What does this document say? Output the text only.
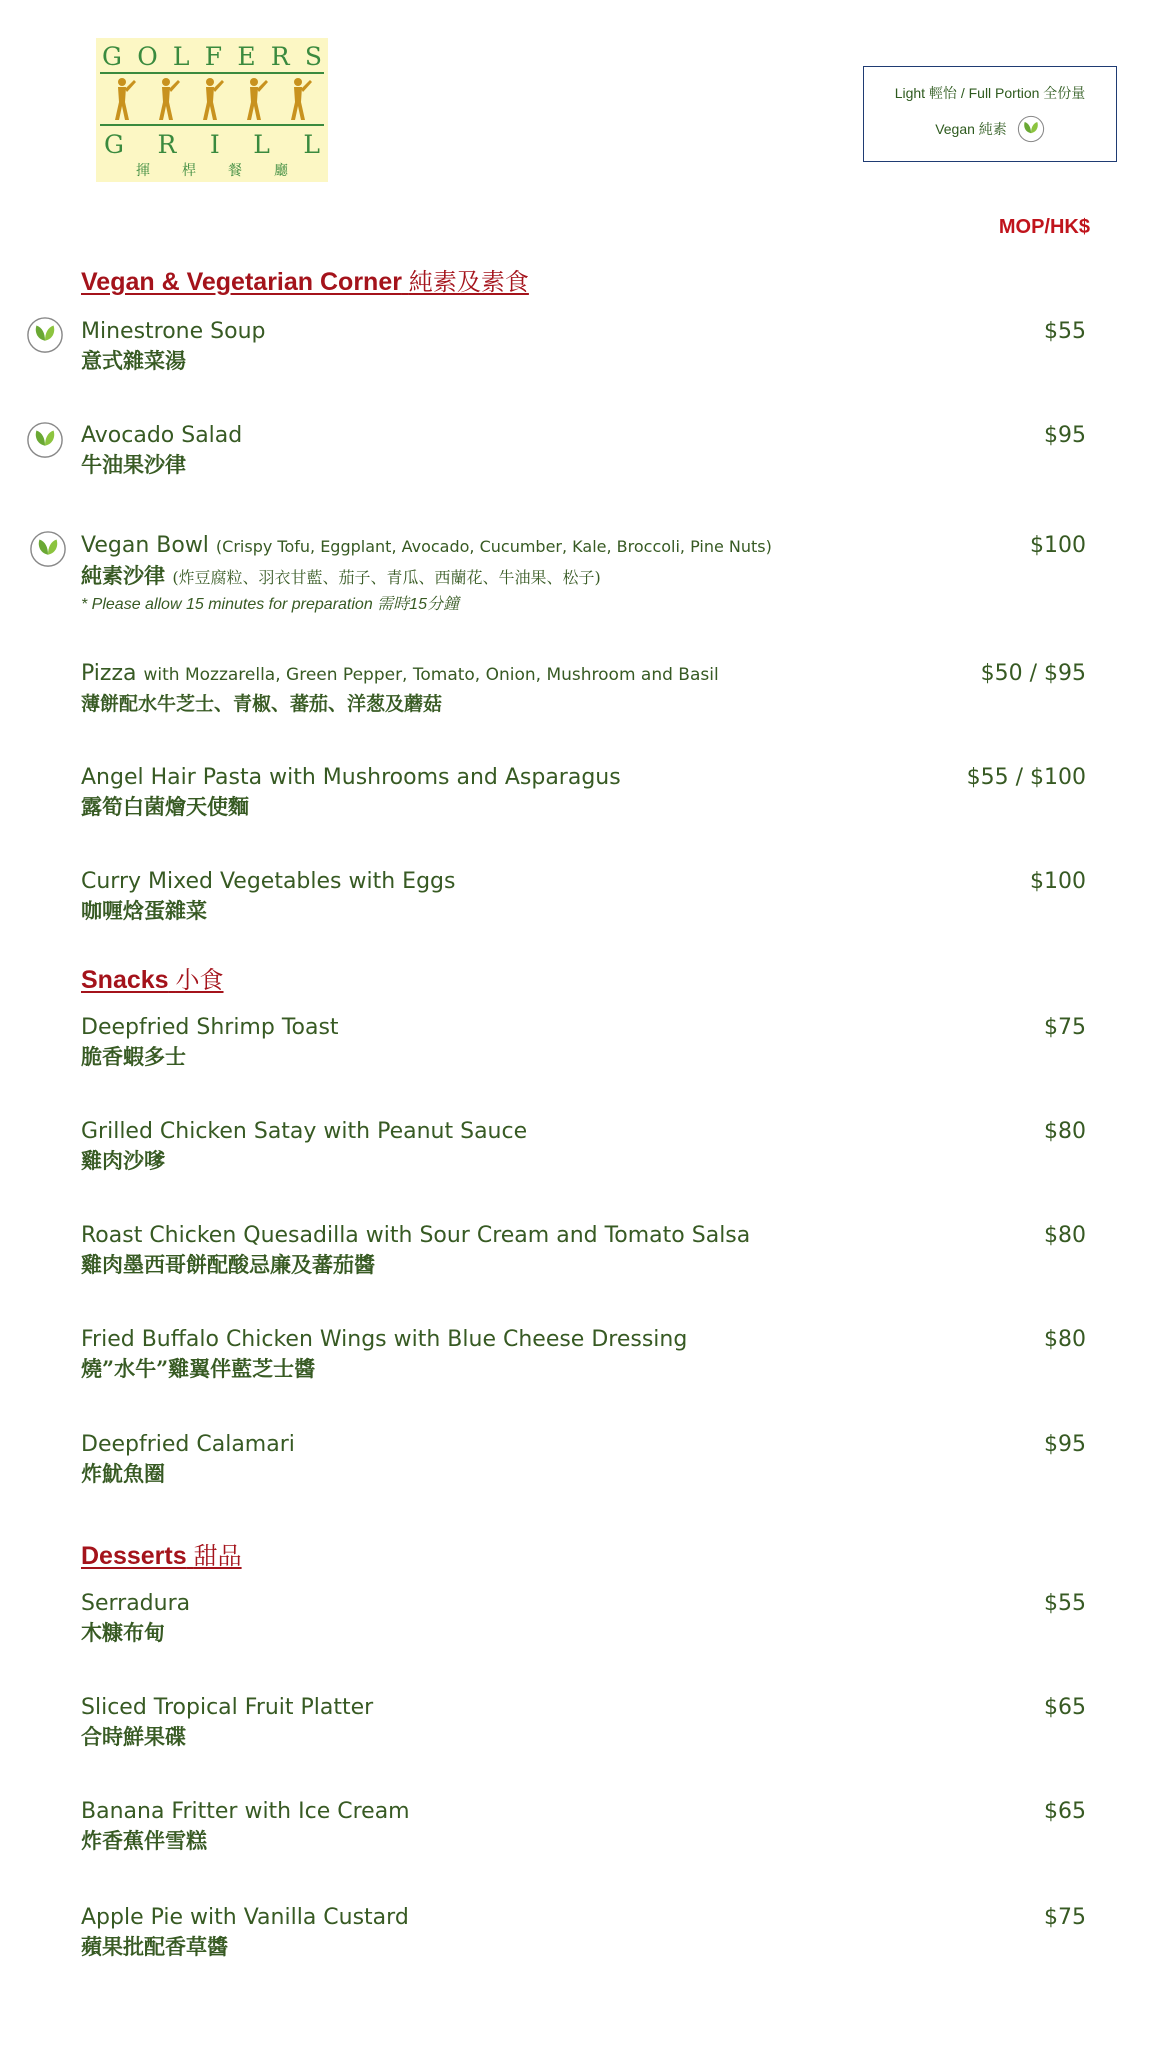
G O L F E R S
G R I L L
揮 桿 餐 廳
Light 輕怡 / Full Portion 全份量
Vegan 純素
MOP/HK$
Vegan & Vegetarian Corner 純素及素食
Minestrone Soup
意式雜菜湯
$55
Avocado Salad
牛油果沙律
$95
Vegan Bowl (Crispy Tofu, Eggplant, Avocado, Cucumber, Kale, Broccoli, Pine Nuts)
純素沙律 (炸豆腐粒、羽衣甘藍、茄子、青瓜、西蘭花、牛油果、松子)
* Please allow 15 minutes for preparation 需時15分鐘
$100
Pizza with Mozzarella, Green Pepper, Tomato, Onion, Mushroom and Basil
薄餅配水牛芝士、青椒、蕃茄、洋葱及蘑菇
$50 / $95
Angel Hair Pasta with Mushrooms and Asparagus
露筍白菌燴天使麵
$55 / $100
Curry Mixed Vegetables with Eggs
咖喱焓蛋雜菜
$100
Snacks 小食
Deepfried Shrimp Toast
脆香蝦多士
$75
Grilled Chicken Satay with Peanut Sauce
雞肉沙嗲
$80
Roast Chicken Quesadilla with Sour Cream and Tomato Salsa
雞肉墨西哥餅配酸忌廉及蕃茄醬
$80
Fried Buffalo Chicken Wings with Blue Cheese Dressing
燒”水牛”雞翼伴藍芝士醬
$80
Deepfried Calamari
炸魷魚圈
$95
Desserts 甜品
Serradura
木糠布甸
$55
Sliced Tropical Fruit Platter
合時鮮果碟
$65
Banana Fritter with Ice Cream
炸香蕉伴雪糕
$65
Apple Pie with Vanilla Custard
蘋果批配香草醬
$75
